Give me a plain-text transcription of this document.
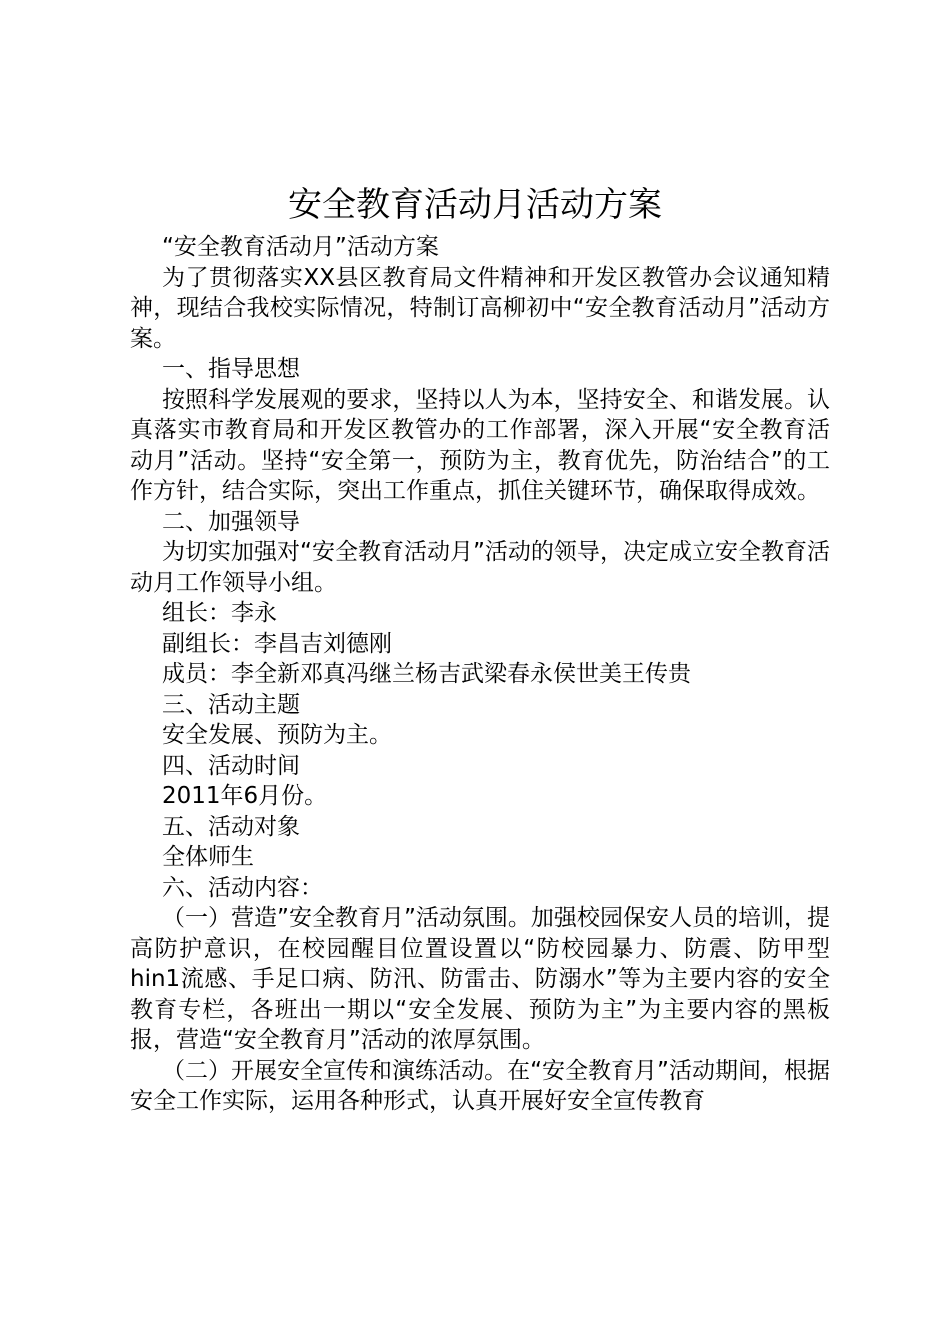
安全教育活动月活动方案

“安全教育活动月”活动方案

为了贯彻落实XX县区教育局文件精神和开发区教管办会议通知精神，现结合我校实际情况，特制订高柳初中“安全教育活动月”活动方案。

一、指导思想

按照科学发展观的要求，坚持以人为本，坚持安全、和谐发展。认真落实市教育局和开发区教管办的工作部署，深入开展“安全教育活动月”活动。坚持“安全第一，预防为主，教育优先，防治结合”的工作方针，结合实际，突出工作重点，抓住关键环节，确保取得成效。

二、加强领导

为切实加强对“安全教育活动月”活动的领导，决定成立安全教育活动月工作领导小组。

组长：李永

副组长：李昌吉刘德刚

成员：李全新邓真冯继兰杨吉武梁春永侯世美王传贵

三、活动主题

安全发展、预防为主。

四、活动时间

2011年6月份。

五、活动对象

全体师生

六、活动内容：

（一）营造”安全教育月”活动氛围。加强校园保安人员的培训，提高防护意识，在校园醒目位置设置以“防校园暴力、防震、防甲型hin1流感、手足口病、防汛、防雷击、防溺水”等为主要内容的安全教育专栏，各班出一期以“安全发展、预防为主”为主要内容的黑板报，营造“安全教育月”活动的浓厚氛围。

（二）开展安全宣传和演练活动。在“安全教育月”活动期间，根据安全工作实际，运用各种形式，认真开展好安全宣传教育
